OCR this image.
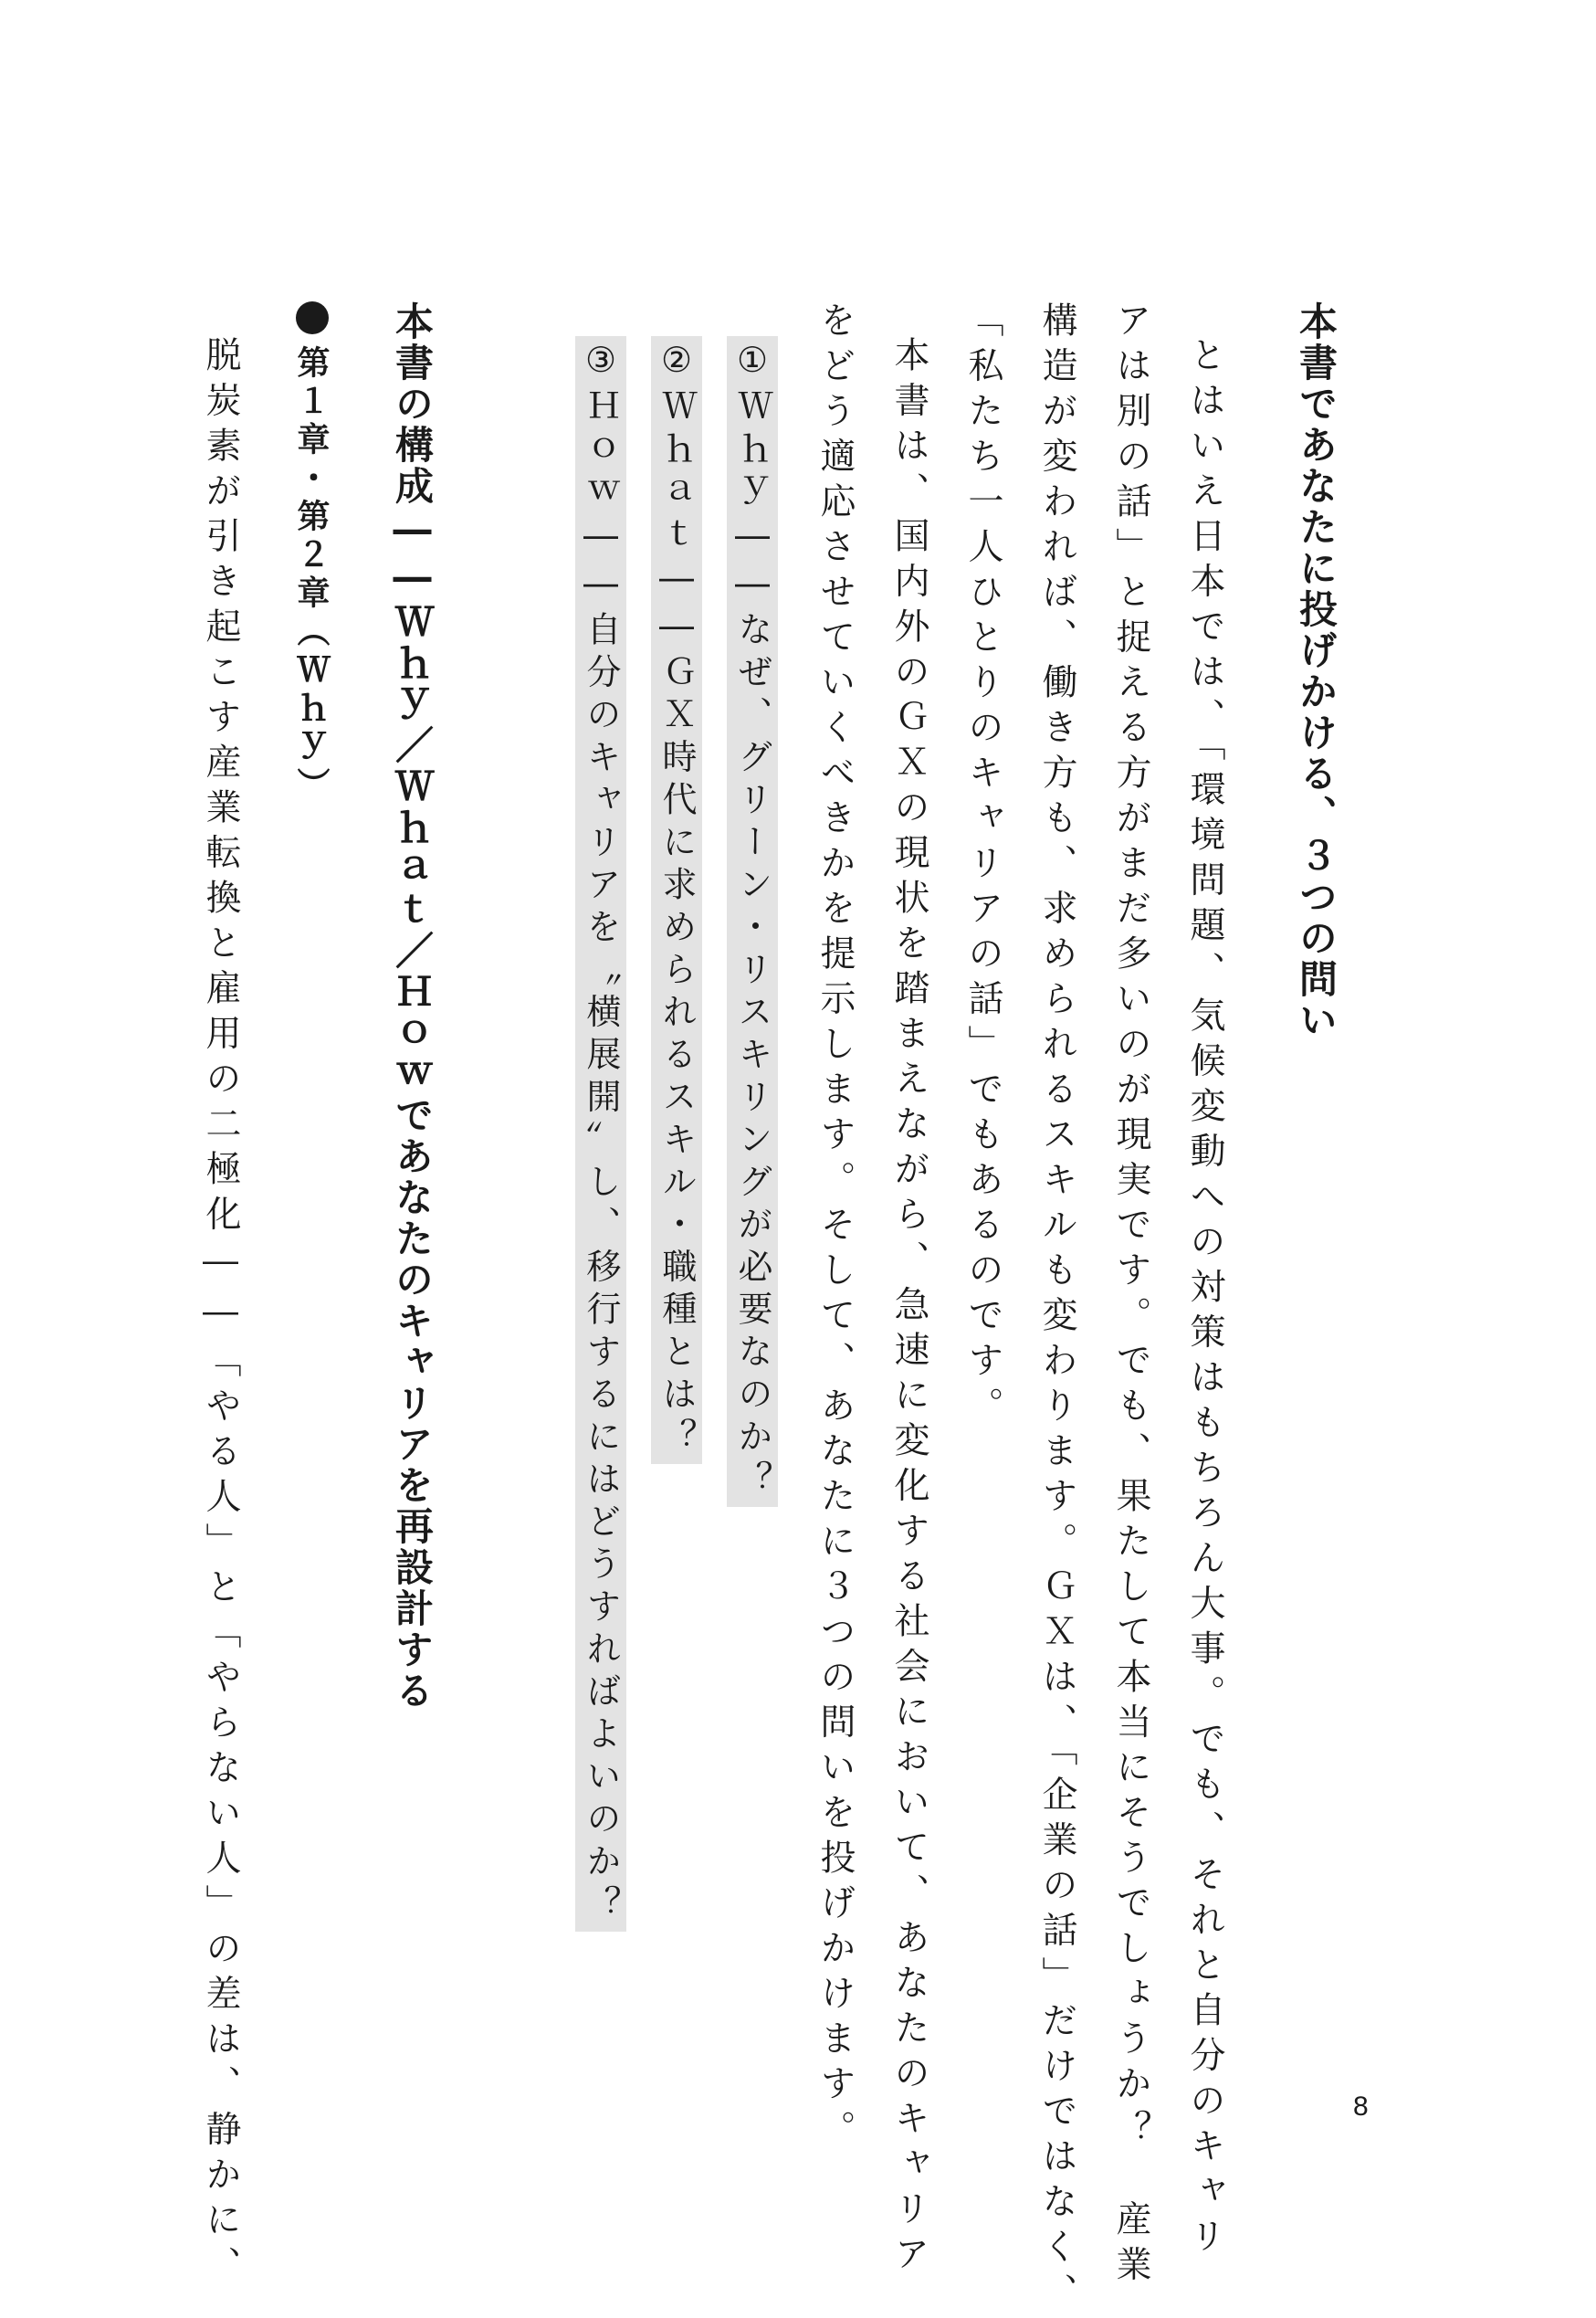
本書であなたに投げかける、３つの問い

とはいえ日本では、「環境問題、気候変動への対策はもちろん大事。でも、それと自分のキャリ

アは別の話」と捉える方がまだ多いのが現実です。でも、果たして本当にそうでしょうか？　産業

構造が変われば、働き方も、求められるスキルも変わります。ＧＸは、「企業の話」だけではなく、

「私たち一人ひとりのキャリアの話」でもあるのです。

本書は、国内外のＧＸの現状を踏まえながら、急速に変化する社会において、あなたのキャリア

をどう適応させていくべきかを提示します。そして、あなたに３つの問いを投げかけます。

①Ｗｈｙ――なぜ、グリーン・リスキリングが必要なのか？

②Ｗｈａｔ――ＧＸ時代に求められるスキル・職種とは？

③Ｈｏｗ――自分のキャリアを〝横展開〟し、移行するにはどうすればよいのか？

本書の構成――Ｗｈｙ／Ｗｈａｔ／Ｈｏｗであなたのキャリアを再設計する

第１章・第２章（Ｗｈｙ）

脱炭素が引き起こす産業転換と雇用の二極化――「やる人」と「やらない人」の差は、静かに、	8
